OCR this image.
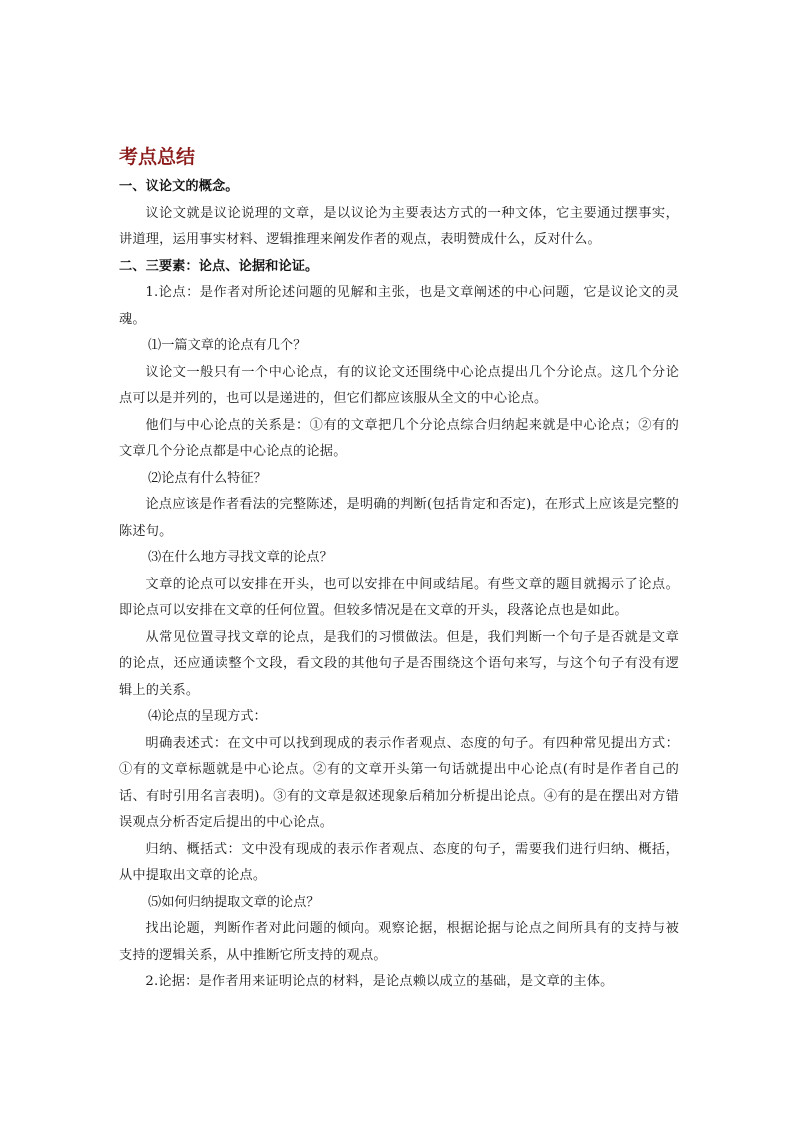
考点总结

一、议论文的概念。

议论文就是议论说理的文章，是以议论为主要表达方式的一种文体，它主要通过摆事实，讲道理，运用事实材料、逻辑推理来阐发作者的观点，表明赞成什么，反对什么。

二、三要素：论点、论据和论证。

1.论点：是作者对所论述问题的见解和主张，也是文章阐述的中心问题，它是议论文的灵魂。

⑴一篇文章的论点有几个？

议论文一般只有一个中心论点，有的议论文还围绕中心论点提出几个分论点。这几个分论点可以是并列的，也可以是递进的，但它们都应该服从全文的中心论点。

他们与中心论点的关系是：①有的文章把几个分论点综合归纳起来就是中心论点；②有的文章几个分论点都是中心论点的论据。

⑵论点有什么特征？

论点应该是作者看法的完整陈述，是明确的判断(包括肯定和否定)，在形式上应该是完整的陈述句。

⑶在什么地方寻找文章的论点？

文章的论点可以安排在开头，也可以安排在中间或结尾。有些文章的题目就揭示了论点。即论点可以安排在文章的任何位置。但较多情况是在文章的开头，段落论点也是如此。

从常见位置寻找文章的论点，是我们的习惯做法。但是，我们判断一个句子是否就是文章的论点，还应通读整个文段，看文段的其他句子是否围绕这个语句来写，与这个句子有没有逻辑上的关系。

⑷论点的呈现方式：

明确表述式：在文中可以找到现成的表示作者观点、态度的句子。有四种常见提出方式：①有的文章标题就是中心论点。②有的文章开头第一句话就提出中心论点(有时是作者自己的话、有时引用名言表明)。③有的文章是叙述现象后稍加分析提出论点。④有的是在摆出对方错误观点分析否定后提出的中心论点。

归纳、概括式：文中没有现成的表示作者观点、态度的句子，需要我们进行归纳、概括，从中提取出文章的论点。

⑸如何归纳提取文章的论点？

找出论题，判断作者对此问题的倾向。观察论据，根据论据与论点之间所具有的支持与被支持的逻辑关系，从中推断它所支持的观点。

2.论据：是作者用来证明论点的材料，是论点赖以成立的基础，是文章的主体。
